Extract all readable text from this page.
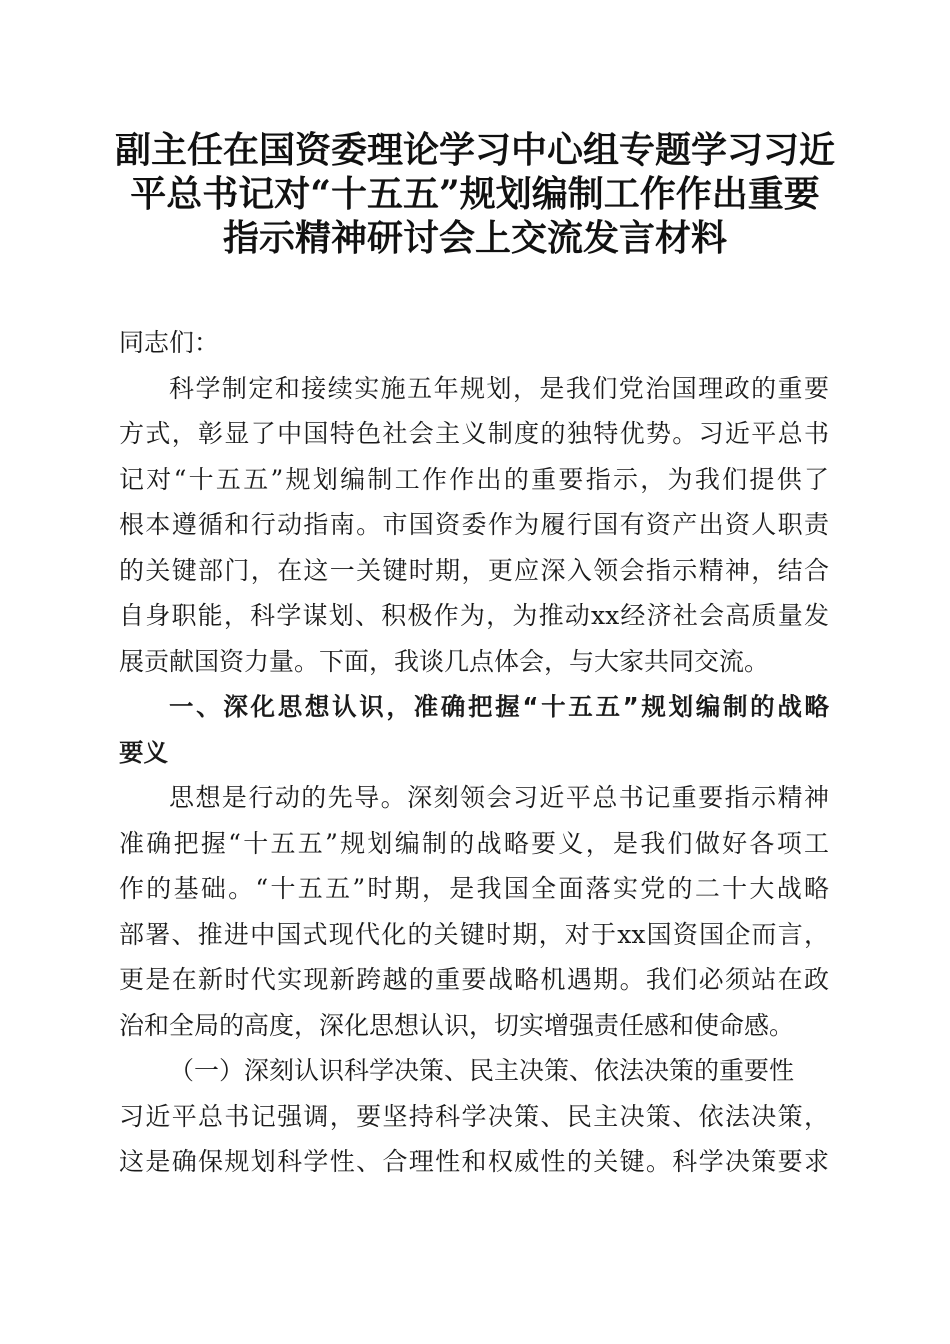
副主任在国资委理论学习中心组专题学习习近
平总书记对“十五五”规划编制工作作出重要
指示精神研讨会上交流发言材料
同志们：
科学制定和接续实施五年规划，是我们党治国理政的重要
方式，彰显了中国特色社会主义制度的独特优势。习近平总书
记对“十五五”规划编制工作作出的重要指示，为我们提供了
根本遵循和行动指南。市国资委作为履行国有资产出资人职责
的关键部门，在这一关键时期，更应深入领会指示精神，结合
自身职能，科学谋划、积极作为，为推动xx经济社会高质量发
展贡献国资力量。下面，我谈几点体会，与大家共同交流。
一、深化思想认识，准确把握“十五五”规划编制的战略
要义
思想是行动的先导。深刻领会习近平总书记重要指示精神
准确把握“十五五”规划编制的战略要义，是我们做好各项工
作的基础。“十五五”时期，是我国全面落实党的二十大战略
部署、推进中国式现代化的关键时期，对于xx国资国企而言，
更是在新时代实现新跨越的重要战略机遇期。我们必须站在政
治和全局的高度，深化思想认识，切实增强责任感和使命感。
（一）深刻认识科学决策、民主决策、依法决策的重要性
习近平总书记强调，要坚持科学决策、民主决策、依法决策，
这是确保规划科学性、合理性和权威性的关键。科学决策要求
